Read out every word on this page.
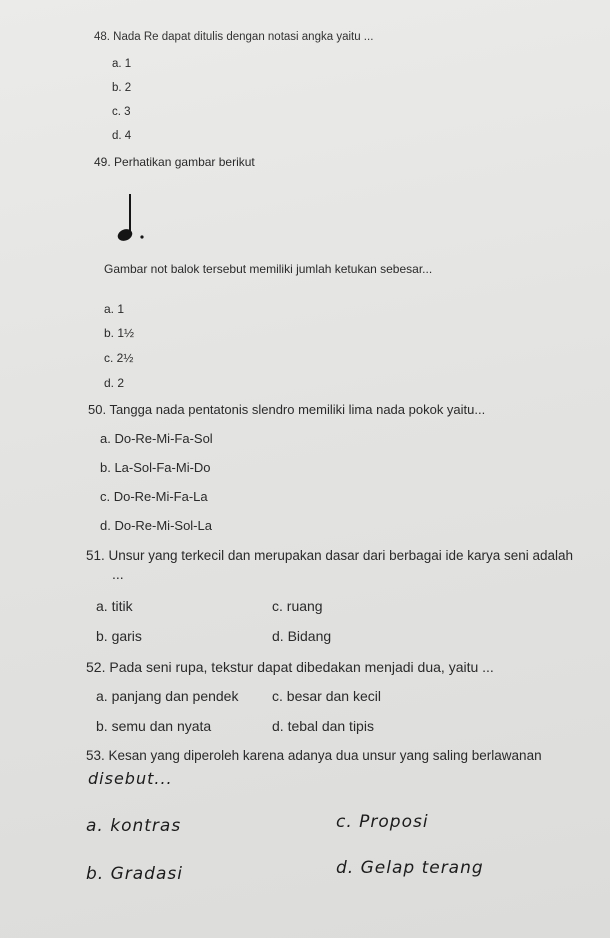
48. Nada Re dapat ditulis dengan notasi angka yaitu ...
a. 1
b. 2
c. 3
d. 4
49. Perhatikan gambar berikut
Gambar not balok tersebut memiliki jumlah ketukan sebesar...
a. 1
b. 1½
c. 2½
d. 2
50. Tangga nada pentatonis slendro memiliki lima nada pokok yaitu...
a. Do-Re-Mi-Fa-Sol
b. La-Sol-Fa-Mi-Do
c. Do-Re-Mi-Fa-La
d. Do-Re-Mi-Sol-La
51. Unsur yang terkecil dan merupakan dasar dari berbagai ide karya seni adalah
...
a. titik
b. garis
c. ruang
d. Bidang
52. Pada seni rupa, tekstur dapat dibedakan menjadi dua, yaitu ...
a. panjang dan pendek
b. semu dan nyata
c. besar dan kecil
d. tebal dan tipis
53. Kesan yang diperoleh karena adanya dua unsur yang saling berlawanan
disebut...
a. kontras
b. Gradasi
c. Proposi
d. Gelap terang
